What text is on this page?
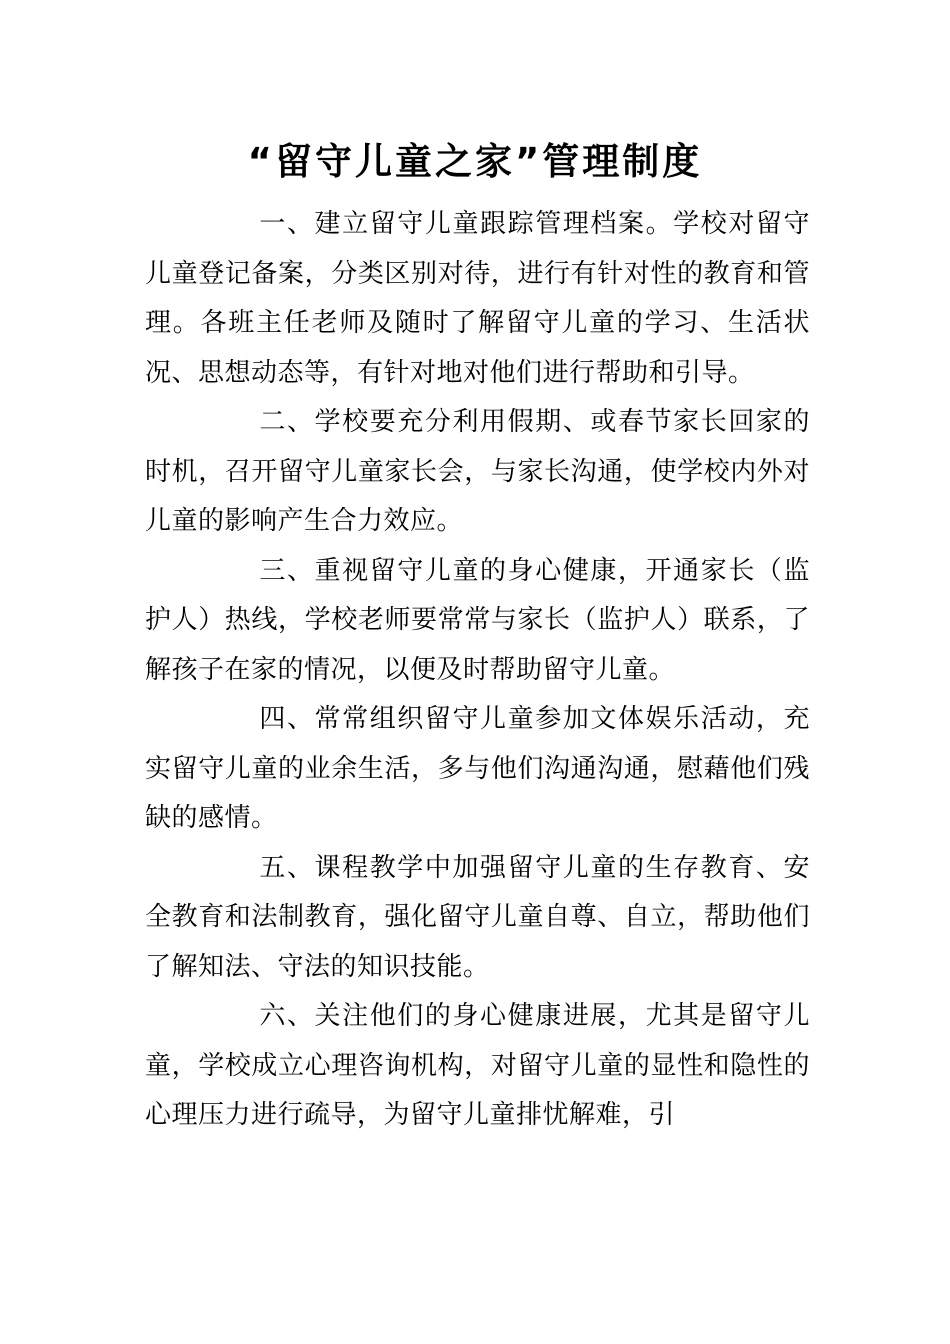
“留守儿童之家”管理制度

一、建立留守儿童跟踪管理档案。学校对留守儿童登记备案，分类区别对待，进行有针对性的教育和管理。各班主任老师及随时了解留守儿童的学习、生活状况、思想动态等，有针对地对他们进行帮助和引导。

二、学校要充分利用假期、或春节家长回家的时机，召开留守儿童家长会，与家长沟通，使学校内外对儿童的影响产生合力效应。

三、重视留守儿童的身心健康，开通家长（监护人）热线，学校老师要常常与家长（监护人）联系，了解孩子在家的情况，以便及时帮助留守儿童。

四、常常组织留守儿童参加文体娱乐活动，充实留守儿童的业余生活，多与他们沟通沟通，慰藉他们残缺的感情。

五、课程教学中加强留守儿童的生存教育、安全教育和法制教育，强化留守儿童自尊、自立，帮助他们了解知法、守法的知识技能。

六、关注他们的身心健康进展，尤其是留守儿童，学校成立心理咨询机构，对留守儿童的显性和隐性的心理压力进行疏导，为留守儿童排忧解难，引
